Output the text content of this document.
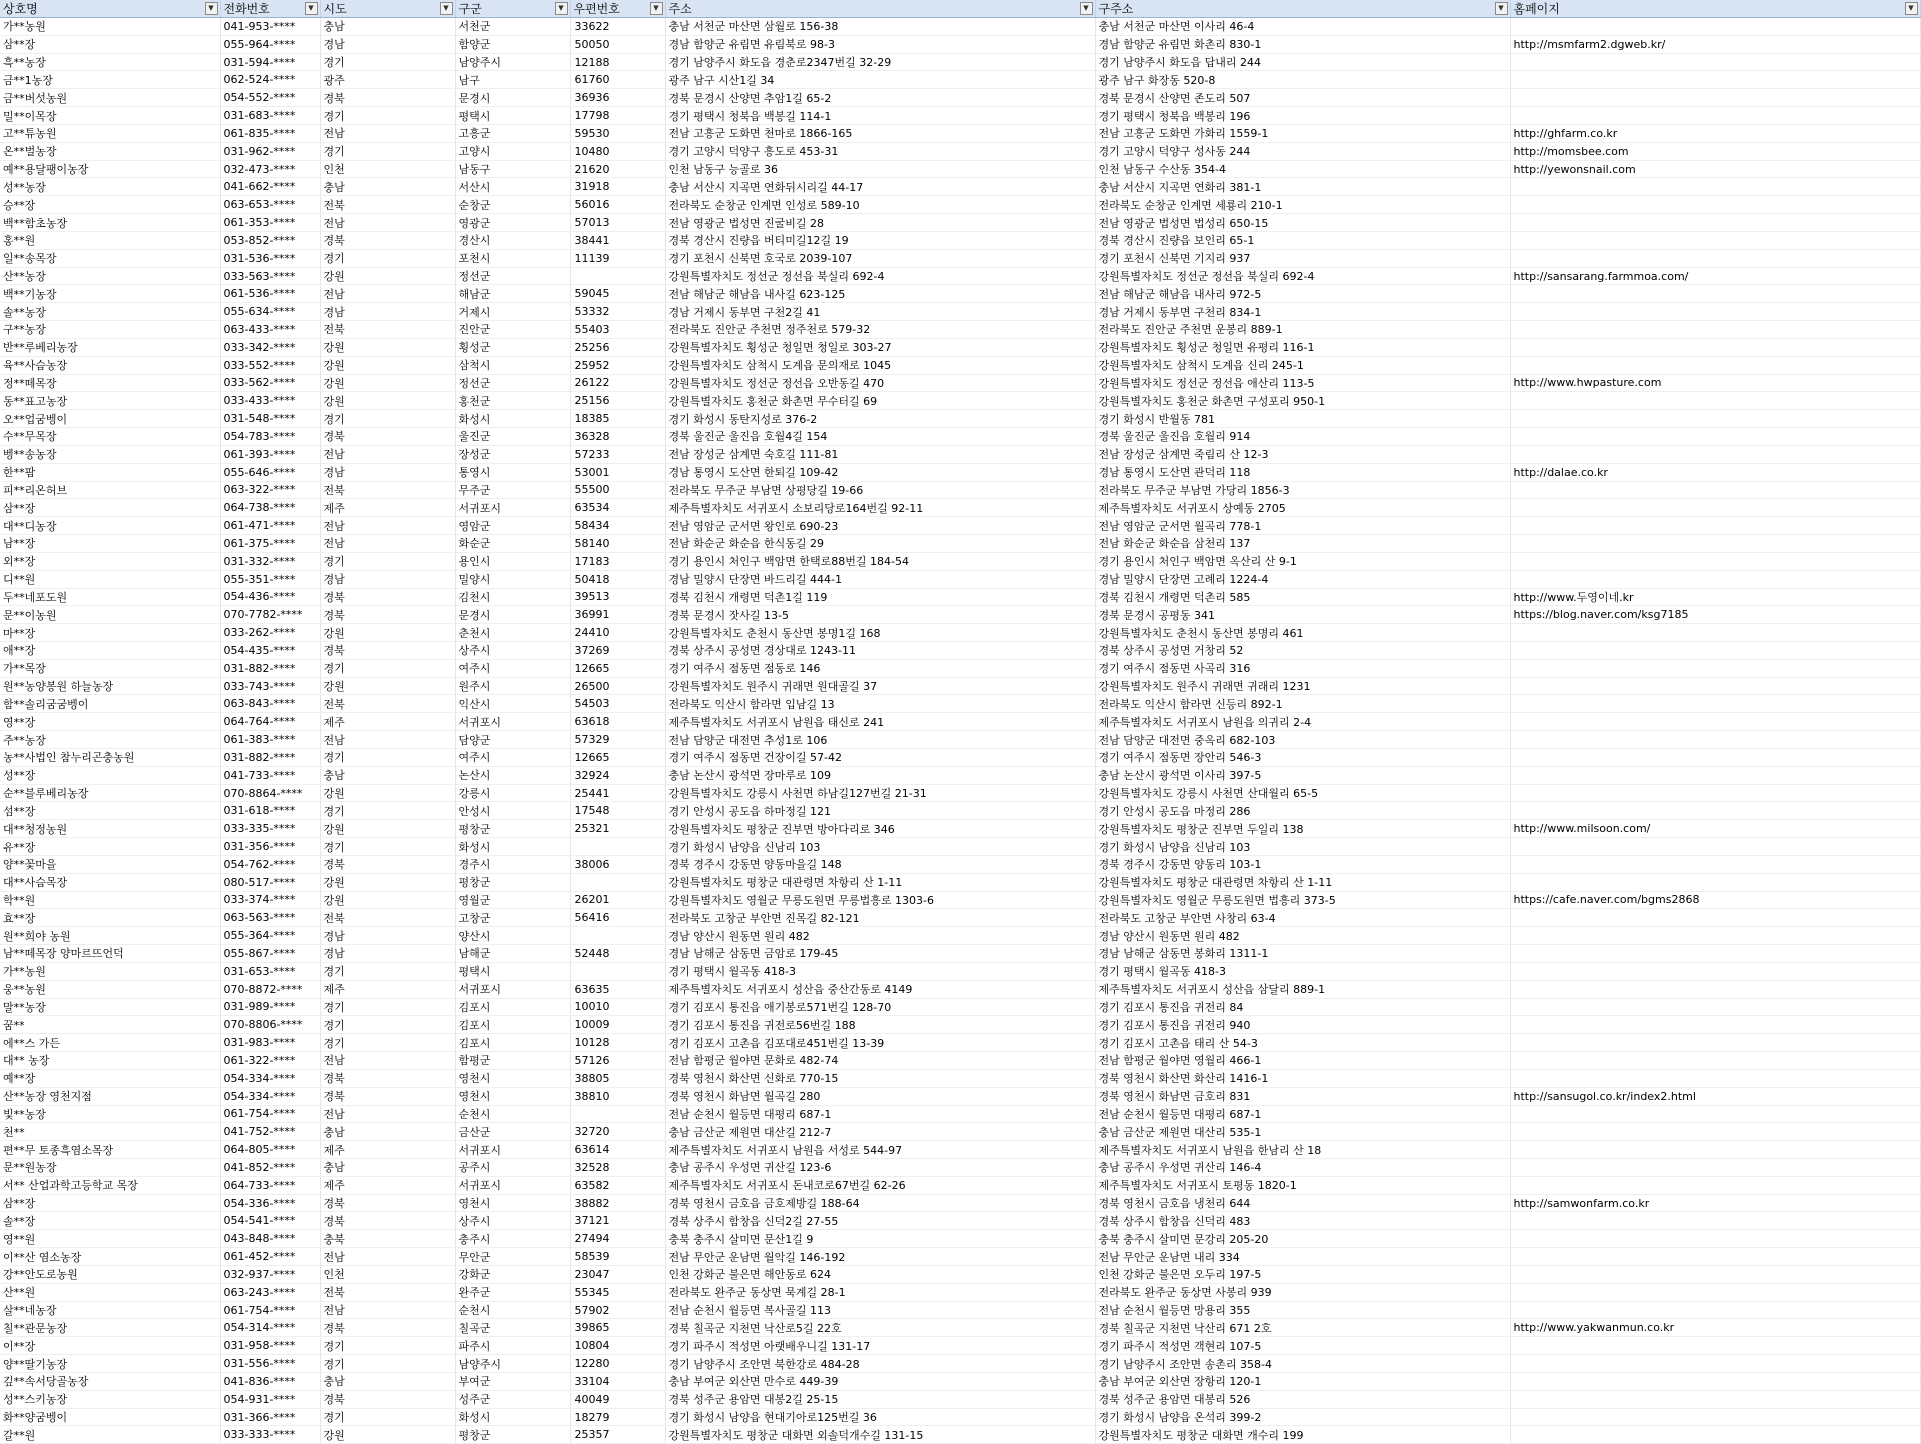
상호명 ▼	전화번호 ▼	시도 ▼	구군 ▼	우편번호 ▼	주소 ▼	구주소 ▼	홈페이지 ▼

가**농원	041-953-****	충남	서천군	33622	충남 서천군 마산면 삼월로 156-38	충남 서천군 마산면 이사리 46-4	
삼**장	055-964-****	경남	함양군	50050	경남 함양군 유림면 유림북로 98-3	경남 함양군 유림면 화촌리 830-1	http://msmfarm2.dgweb.kr/
흑**농장	031-594-****	경기	남양주시	12188	경기 남양주시 화도읍 경춘로2347번길 32-29	경기 남양주시 화도읍 답내리 244	
금**1농장	062-524-****	광주	남구	61760	광주 남구 시산1길 34	광주 남구 화장동 520-8	
금**버섯농원	054-552-****	경북	문경시	36936	경북 문경시 산양면 추암1길 65-2	경북 문경시 산양면 존도리 507	
밀**이목장	031-683-****	경기	평택시	17798	경기 평택시 청북읍 백봉길 114-1	경기 평택시 청북읍 백봉리 196	
고**튜농원	061-835-****	전남	고흥군	59530	전남 고흥군 도화면 천마로 1866-165	전남 고흥군 도화면 가화리 1559-1	http://ghfarm.co.kr
온**벌농장	031-962-****	경기	고양시	10480	경기 고양시 덕양구 흥도로 453-31	경기 고양시 덕양구 성사동 244	http://momsbee.com
예**용달팽이농장	032-473-****	인천	남동구	21620	인천 남동구 능골로 36	인천 남동구 수산동 354-4	http://yewonsnail.com
성**농장	041-662-****	충남	서산시	31918	충남 서산시 지곡면 연화뒤시리길 44-17	충남 서산시 지곡면 연화리 381-1	
승**장	063-653-****	전북	순창군	56016	전라북도 순창군 인계면 인성로 589-10	전라북도 순창군 인계면 세룡리 210-1	
백**함초농장	061-353-****	전남	영광군	57013	전남 영광군 법성면 진굴비길 28	전남 영광군 법성면 법성리 650-15	
홍**원	053-852-****	경북	경산시	38441	경북 경산시 진량읍 버티미길12길 19	경북 경산시 진량읍 보인리 65-1	
일**송목장	031-536-****	경기	포천시	11139	경기 포천시 신북면 호국로 2039-107	경기 포천시 신북면 기지리 937	
산**농장	033-563-****	강원	정선군		강원특별자치도 정선군 정선읍 북실리 692-4	강원특별자치도 정선군 정선읍 북실리 692-4	http://sansarang.farmmoa.com/
백**기농장	061-536-****	전남	해남군	59045	전남 해남군 해남읍 내사길 623-125	전남 해남군 해남읍 내사리 972-5	
솔**농장	055-634-****	경남	거제시	53332	경남 거제시 동부면 구천2길 41	경남 거제시 동부면 구천리 834-1	
구**농장	063-433-****	전북	진안군	55403	전라북도 진안군 주천면 정주천로 579-32	전라북도 진안군 주천면 운봉리 889-1	
반**루베리농장	033-342-****	강원	횡성군	25256	강원특별자치도 횡성군 청일면 청일로 303-27	강원특별자치도 횡성군 청일면 유평리 116-1	
육**사슴농장	033-552-****	강원	삼척시	25952	강원특별자치도 삼척시 도계읍 문의재로 1045	강원특별자치도 삼척시 도계읍 신리 245-1	
정**떼목장	033-562-****	강원	정선군	26122	강원특별자치도 정선군 정선읍 오반동길 470	강원특별자치도 정선군 정선읍 애산리 113-5	http://www.hwpasture.com
동**표고농장	033-433-****	강원	홍천군	25156	강원특별자치도 홍천군 화촌면 무수터길 69	강원특별자치도 홍천군 화촌면 구성포리 950-1	
오**업굼벵이	031-548-****	경기	화성시	18385	경기 화성시 동탄지성로 376-2	경기 화성시 반월동 781	
수**무목장	054-783-****	경북	울진군	36328	경북 울진군 울진읍 호월4길 154	경북 울진군 울진읍 호월리 914	
벵**송농장	061-393-****	전남	장성군	57233	전남 장성군 삼계면 숙호길 111-81	전남 장성군 삼계면 죽림리 산 12-3	
한**팜	055-646-****	경남	통영시	53001	경남 통영시 도산면 한퇴길 109-42	경남 통영시 도산면 관덕리 118	http://dalae.co.kr
피**리온허브	063-322-****	전북	무주군	55500	전라북도 무주군 부남면 상평당길 19-66	전라북도 무주군 부남면 가당리 1856-3	
삼**장	064-738-****	제주	서귀포시	63534	제주특별자치도 서귀포시 소보리당로164번길 92-11	제주특별자치도 서귀포시 상예동 2705	
대**디농장	061-471-****	전남	영암군	58434	전남 영암군 군서면 왕인로 690-23	전남 영암군 군서면 월곡리 778-1	
남**장	061-375-****	전남	화순군	58140	전남 화순군 화순읍 한식동길 29	전남 화순군 화순읍 삼천리 137	
외**장	031-332-****	경기	용인시	17183	경기 용인시 처인구 백암면 한택로88번길 184-54	경기 용인시 처인구 백암면 옥산리 산 9-1	
디**원	055-351-****	경남	밀양시	50418	경남 밀양시 단장면 바드리길 444-1	경남 밀양시 단장면 고례리 1224-4	
두**네포도원	054-436-****	경북	김천시	39513	경북 김천시 개령면 덕촌1길 119	경북 김천시 개령면 덕촌리 585	http://www.두영이네.kr
문**이농원	070-7782-****	경북	문경시	36991	경북 문경시 잣사길 13-5	경북 문경시 공평동 341	https://blog.naver.com/ksg7185
마**장	033-262-****	강원	춘천시	24410	강원특별자치도 춘천시 동산면 봉명1길 168	강원특별자치도 춘천시 동산면 봉명리 461	
애**장	054-435-****	경북	상주시	37269	경북 상주시 공성면 경상대로 1243-11	경북 상주시 공성면 거창리 52	
가**목장	031-882-****	경기	여주시	12665	경기 여주시 점동면 점동로 146	경기 여주시 점동면 사곡리 316	
원**농양봉원 하늘농장	033-743-****	강원	원주시	26500	강원특별자치도 원주시 귀래면 원대골길 37	강원특별자치도 원주시 귀래면 귀래리 1231	
함**솔리굼굼벵이	063-843-****	전북	익산시	54503	전라북도 익산시 함라면 입남길 13	전라북도 익산시 함라면 신등리 892-1	
영**장	064-764-****	제주	서귀포시	63618	제주특별자치도 서귀포시 남원읍 태신로 241	제주특별자치도 서귀포시 남원읍 의귀리 2-4	
주**농장	061-383-****	전남	담양군	57329	전남 담양군 대전면 추성1로 106	전남 담양군 대전면 중옥리 682-103	
농**사법인 참누리곤충농원	031-882-****	경기	여주시	12665	경기 여주시 점동면 건장이길 57-42	경기 여주시 점동면 장안리 546-3	
성**장	041-733-****	충남	논산시	32924	충남 논산시 광석면 장마루로 109	충남 논산시 광석면 이사리 397-5	
순**블루베리농장	070-8864-****	강원	강릉시	25441	강원특별자치도 강릉시 사천면 하남길127번길 21-31	강원특별자치도 강릉시 사천면 산대월리 65-5	
섬**장	031-618-****	경기	안성시	17548	경기 안성시 공도읍 하마정길 121	경기 안성시 공도읍 마정리 286	
대**청정농원	033-335-****	강원	평창군	25321	강원특별자치도 평창군 진부면 방아다리로 346	강원특별자치도 평창군 진부면 두일리 138	http://www.milsoon.com/
유**장	031-356-****	경기	화성시		경기 화성시 남양읍 신남리 103	경기 화성시 남양읍 신남리 103	
양**꽃마을	054-762-****	경북	경주시	38006	경북 경주시 강동면 양동마을길 148	경북 경주시 강동면 양동리 103-1	
대**사슴목장	080-517-****	강원	평창군		강원특별자치도 평창군 대관령면 차항리 산 1-11	강원특별자치도 평창군 대관령면 차항리 산 1-11	
학**원	033-374-****	강원	영월군	26201	강원특별자치도 영월군 무릉도원면 무릉법흥로 1303-6	강원특별자치도 영월군 무릉도원면 법흥리 373-5	https://cafe.naver.com/bgms2868
효**장	063-563-****	전북	고창군	56416	전라북도 고창군 부안면 진목길 82-121	전라북도 고창군 부안면 사창리 63-4	
원**희야 농원	055-364-****	경남	양산시		경남 양산시 원동면 원리 482	경남 양산시 원동면 원리 482	
남**떼목장 양마르뜨언덕	055-867-****	경남	남해군	52448	경남 남해군 삼동면 금암로 179-45	경남 남해군 삼동면 봉화리 1311-1	
가**농원	031-653-****	경기	평택시		경기 평택시 월곡동 418-3	경기 평택시 월곡동 418-3	
웅**농원	070-8872-****	제주	서귀포시	63635	제주특별자치도 서귀포시 성산읍 중산간동로 4149	제주특별자치도 서귀포시 성산읍 삼달리 889-1	
말**농장	031-989-****	경기	김포시	10010	경기 김포시 통진읍 애기봉로571번길 128-70	경기 김포시 통진읍 귀전리 84	
꿈**	070-8806-****	경기	김포시	10009	경기 김포시 통진읍 귀전로56번길 188	경기 김포시 통진읍 귀전리 940	
에**스 가든	031-983-****	경기	김포시	10128	경기 김포시 고촌읍 김포대로451번길 13-39	경기 김포시 고촌읍 태리 산 54-3	
대** 농장	061-322-****	전남	함평군	57126	전남 함평군 월야면 문화로 482-74	전남 함평군 월야면 영월리 466-1	
예**장	054-334-****	경북	영천시	38805	경북 영천시 화산면 신화로 770-15	경북 영천시 화산면 화산리 1416-1	
산**농장 영천지점	054-334-****	경북	영천시	38810	경북 영천시 화남면 월곡길 280	경북 영천시 화남면 금호리 831	http://sansugol.co.kr/index2.html
빛**농장	061-754-****	전남	순천시		전남 순천시 월등면 대평리 687-1	전남 순천시 월등면 대평리 687-1	
천**	041-752-****	충남	금산군	32720	충남 금산군 제원면 대산길 212-7	충남 금산군 제원면 대산리 535-1	
편**무 토종흑염소목장	064-805-****	제주	서귀포시	63614	제주특별자치도 서귀포시 남원읍 서성로 544-97	제주특별자치도 서귀포시 남원읍 한남리 산 18	
문**원농장	041-852-****	충남	공주시	32528	충남 공주시 우성면 귀산길 123-6	충남 공주시 우성면 귀산리 146-4	
서** 산업과학고등학교 목장	064-733-****	제주	서귀포시	63582	제주특별자치도 서귀포시 돈내코로67번길 62-26	제주특별자치도 서귀포시 토평동 1820-1	
삼**장	054-336-****	경북	영천시	38882	경북 영천시 금호읍 금호제방길 188-64	경북 영천시 금호읍 냉천리 644	http://samwonfarm.co.kr
솔**장	054-541-****	경북	상주시	37121	경북 상주시 함창읍 신덕2길 27-55	경북 상주시 함창읍 신덕리 483	
영**원	043-848-****	충북	충주시	27494	충북 충주시 살미면 문산1길 9	충북 충주시 살미면 문강리 205-20	
이**산 염소농장	061-452-****	전남	무안군	58539	전남 무안군 운남면 월악길 146-192	전남 무안군 운남면 내리 334	
강**안도로농원	032-937-****	인천	강화군	23047	인천 강화군 불은면 해안동로 624	인천 강화군 불은면 오두리 197-5	
산**원	063-243-****	전북	완주군	55345	전라북도 완주군 동상면 묵계길 28-1	전라북도 완주군 동상면 사봉리 939	
살**네농장	061-754-****	전남	순천시	57902	전남 순천시 월등면 복사골길 113	전남 순천시 월등면 망용리 355	
칠**관문농장	054-314-****	경북	칠곡군	39865	경북 칠곡군 지천면 낙산로5길 22호	경북 칠곡군 지천면 낙산리 671 2호	http://www.yakwanmun.co.kr
이**장	031-958-****	경기	파주시	10804	경기 파주시 적성면 아랫배우니길 131-17	경기 파주시 적성면 객현리 107-5	
양**딸기농장	031-556-****	경기	남양주시	12280	경기 남양주시 조안면 북한강로 484-28	경기 남양주시 조안면 송촌리 358-4	
깊**속서당골농장	041-836-****	충남	부여군	33104	충남 부여군 외산면 만수로 449-39	충남 부여군 외산면 장항리 120-1	
성**스키농장	054-931-****	경북	성주군	40049	경북 성주군 용암면 대봉2길 25-15	경북 성주군 용암면 대봉리 526	
화**양굼벵이	031-366-****	경기	화성시	18279	경기 화성시 남양읍 현대기아로125번길 36	경기 화성시 남양읍 온석리 399-2	
갈**원	033-333-****	강원	평창군	25357	강원특별자치도 평창군 대화면 외솔덕개수길 131-15	강원특별자치도 평창군 대화면 개수리 199	
